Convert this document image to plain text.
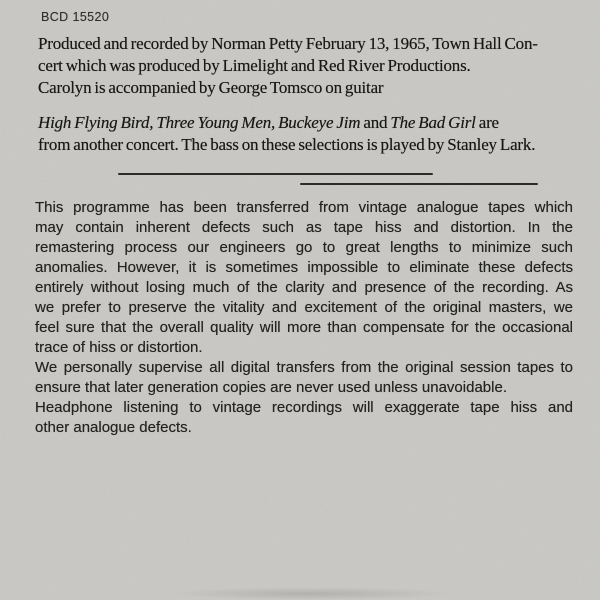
BCD 15520
Produced and recorded by Norman Petty February 13, 1965, Town Hall Con-
cert which was produced by Limelight and Red River Productions.
Carolyn is accompanied by George Tomsco on guitar
High Flying Bird, Three Young Men, Buckeye Jim and The Bad Girl are
from another concert. The bass on these selections is played by Stanley Lark.
This programme has been transferred from vintage analogue tapes which
may contain inherent defects such as tape hiss and distortion. In the
remastering process our engineers go to great lengths to minimize such
anomalies. However, it is sometimes impossible to eliminate these defects
entirely without losing much of the clarity and presence of the recording. As
we prefer to preserve the vitality and excitement of the original masters, we
feel sure that the overall quality will more than compensate for the occasional
trace of hiss or distortion.
We personally supervise all digital transfers from the original session tapes to
ensure that later generation copies are never used unless unavoidable.
Headphone listening to vintage recordings will exaggerate tape hiss and
other analogue defects.
